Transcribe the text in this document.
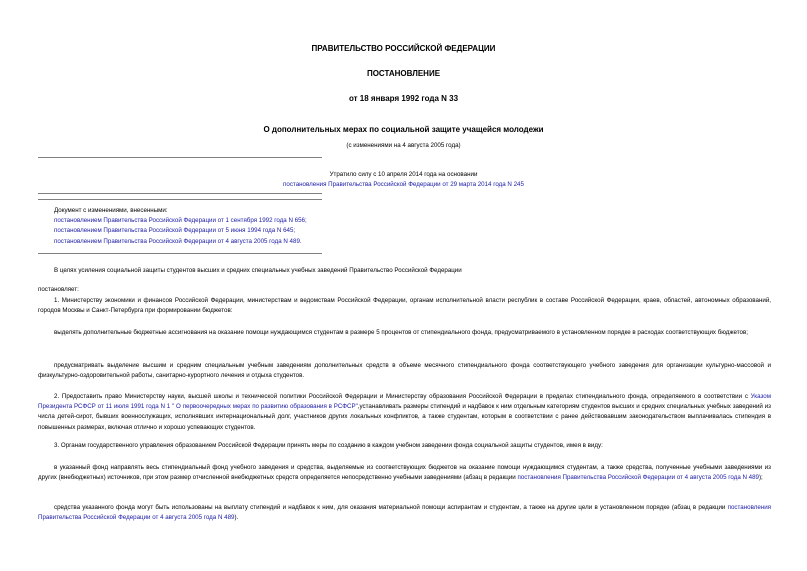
ПРАВИТЕЛЬСТВО РОССИЙСКОЙ ФЕДЕРАЦИИ
ПОСТАНОВЛЕНИЕ
от 18 января 1992 года N 33
О дополнительных мерах по социальной защите учащейся молодежи
(с изменениями на 4 августа 2005 года)
Утратило силу с 10 апреля 2014 года на основании
постановления Правительства Российской Федерации от 29 марта 2014 года N 245
Документ с изменениями, внесенными:
постановлением Правительства Российской Федерации от 1 сентября 1992 года N 656;
постановлением Правительства Российской Федерации от 5 июня 1994 года N 645;
постановлением Правительства Российской Федерации от 4 августа 2005 года N 489.
В целях усиления социальной защиты студентов высших и средних специальных учебных заведений Правительство Российской Федерации
постановляет:
1. Министерству экономики и финансов Российской Федерации, министерствам и ведомствам Российской Федерации, органам исполнительной власти республик в составе Российской Федерации, краев, областей, автономных образований, городов Москвы и Санкт-Петербурга при формировании бюджетов:
выделять дополнительные бюджетные ассигнования на оказание помощи нуждающимся студентам в размере 5 процентов от стипендиального фонда, предусматриваемого в установленном порядке в расходах соответствующих бюджетов;
предусматривать выделение высшим и средним специальным учебным заведениям дополнительных средств в объеме месячного стипендиального фонда соответствующего учебного заведения для организации культурно-массовой и физкультурно-оздоровительной работы, санитарно-курортного лечения и отдыха студентов.
2. Предоставить право Министерству науки, высшей школы и технической политики Российской Федерации и Министерству образования Российской Федерации в пределах стипендиального фонда, определяемого в соответствии с Указом Президента РСФСР от 11 июля 1991 года N 1 " О первоочередных мерах по развитию образования в РСФСР",устанавливать размеры стипендий и надбавок к ним отдельным категориям студентов высших и средних специальных учебных заведений из числа детей-сирот, бывших военнослужащих, исполнявших интернациональный долг, участников других локальных конфликтов, а также студентам, которым в соответствии с ранее действовавшим законодательством выплачивалась стипендия в повышенных размерах, включая отлично и хорошо успевающих студентов.
3. Органам государственного управления образованием Российской Федерации принять меры по созданию в каждом учебном заведении фонда социальной защиты студентов, имея в виду:
в указанный фонд направлять весь стипендиальный фонд учебного заведения и средства, выделяемые из соответствующих бюджетов на оказание помощи нуждающимся студентам, а также средства, полученные учебными заведениями из других (внебюджетных) источников, при этом размер отчисленной внебюджетных средств определяется непосредственно учебными заведениями (абзац в редакции постановления Правительства Российской Федерации от 4 августа 2005 года N 489);
средства указанного фонда могут быть использованы на выплату стипендий и надбавок к ним, для оказания материальной помощи аспирантам и студентам, а также на другие цели в установленном порядке (абзац в редакции постановления Правительства Российской Федерации от 4 августа 2005 года N 489).
